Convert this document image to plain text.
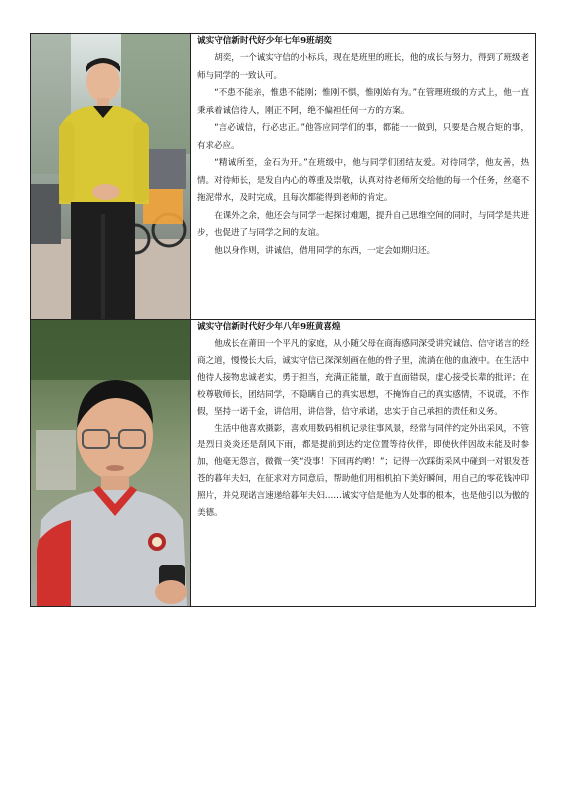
诚实守信新时代好少年七年9班胡奕

胡奕，一个诚实守信的小标兵，现在是班里的班长，他的成长与努力，得到了班级老师与同学的一致认可。

“不患不能亲，惟患不能刚；惟刚不惧，惟刚始有为。”在管理班级的方式上，他一直秉承着诚信待人，刚正不阿，绝不偏袒任何一方的方案。

“言必诚信，行必忠正。”他答应同学们的事，都能一一做到，只要是合规合矩的事，有求必应。

“精诚所至，金石为开。”在班级中，他与同学们团结友爱。对待同学，他友善，热情。对待师长，是发自内心的尊重及崇敬，认真对待老师所交给他的每一个任务，丝毫不拖泥带水，及时完成，且每次都能得到老师的肯定。

在课外之余，他还会与同学一起探讨难题，提升自己思维空间的同时，与同学是共进步，也促进了与同学之间的友谊。

他以身作则，讲诚信，借用同学的东西，一定会如期归还。

诚实守信新时代好少年八年9班黄喜煌

他成长在莆田一个平凡的家庭，从小随父母在商海感同深受讲究诚信、信守诺言的经商之道，慢慢长大后，诚实守信已深深刻画在他的骨子里，流淌在他的血液中。在生活中他待人接物忠诚老实，勇于担当，充满正能量，敢于直面错误，虚心接受长辈的批评；在校尊敬师长，团结同学，不隐瞒自己的真实思想，不掩饰自己的真实感情，不说谎，不作假，坚持一诺千金，讲信用，讲信誉，信守承诺，忠实于自己承担的责任和义务。

生活中他喜欢摄影，喜欢用数码相机记录往事风景，经常与同伴约定外出采风，不管是烈日炎炎还是刮风下雨，都是提前到达约定位置等待伙伴，即使伙伴因故未能及时参加，他毫无怨言，微微一笑“没事！下回再约哟！”；记得一次踩街采风中碰到一对银发苍苍的暮年夫妇，在征求对方同意后，帮助他们用相机拍下美好瞬间，用自己的零花钱冲印照片，并兑现诺言速递给暮年夫妇……诚实守信是他为人处事的根本，也是他引以为傲的美德。
